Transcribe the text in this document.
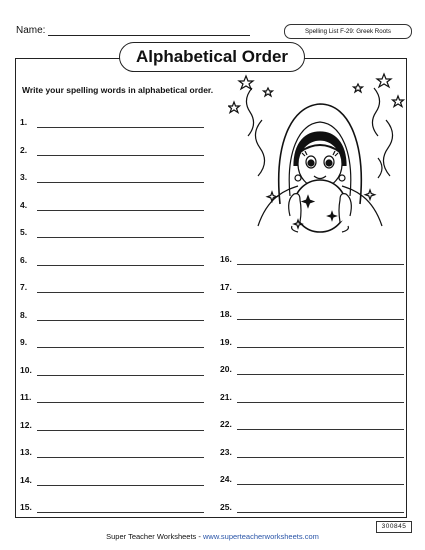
Name:	Spelling List F-29: Greek Roots
Alphabetical Order
Write your spelling words in alphabetical order.
1.
2.
3.
4.
5.
6.
7.
8.
9.
10.
11.
12.
13.
14.
15.
16.
17.
18.
19.
20.
21.
22.
23.
24.
25.
Super Teacher Worksheets - www.superteacherworksheets.com
300845
